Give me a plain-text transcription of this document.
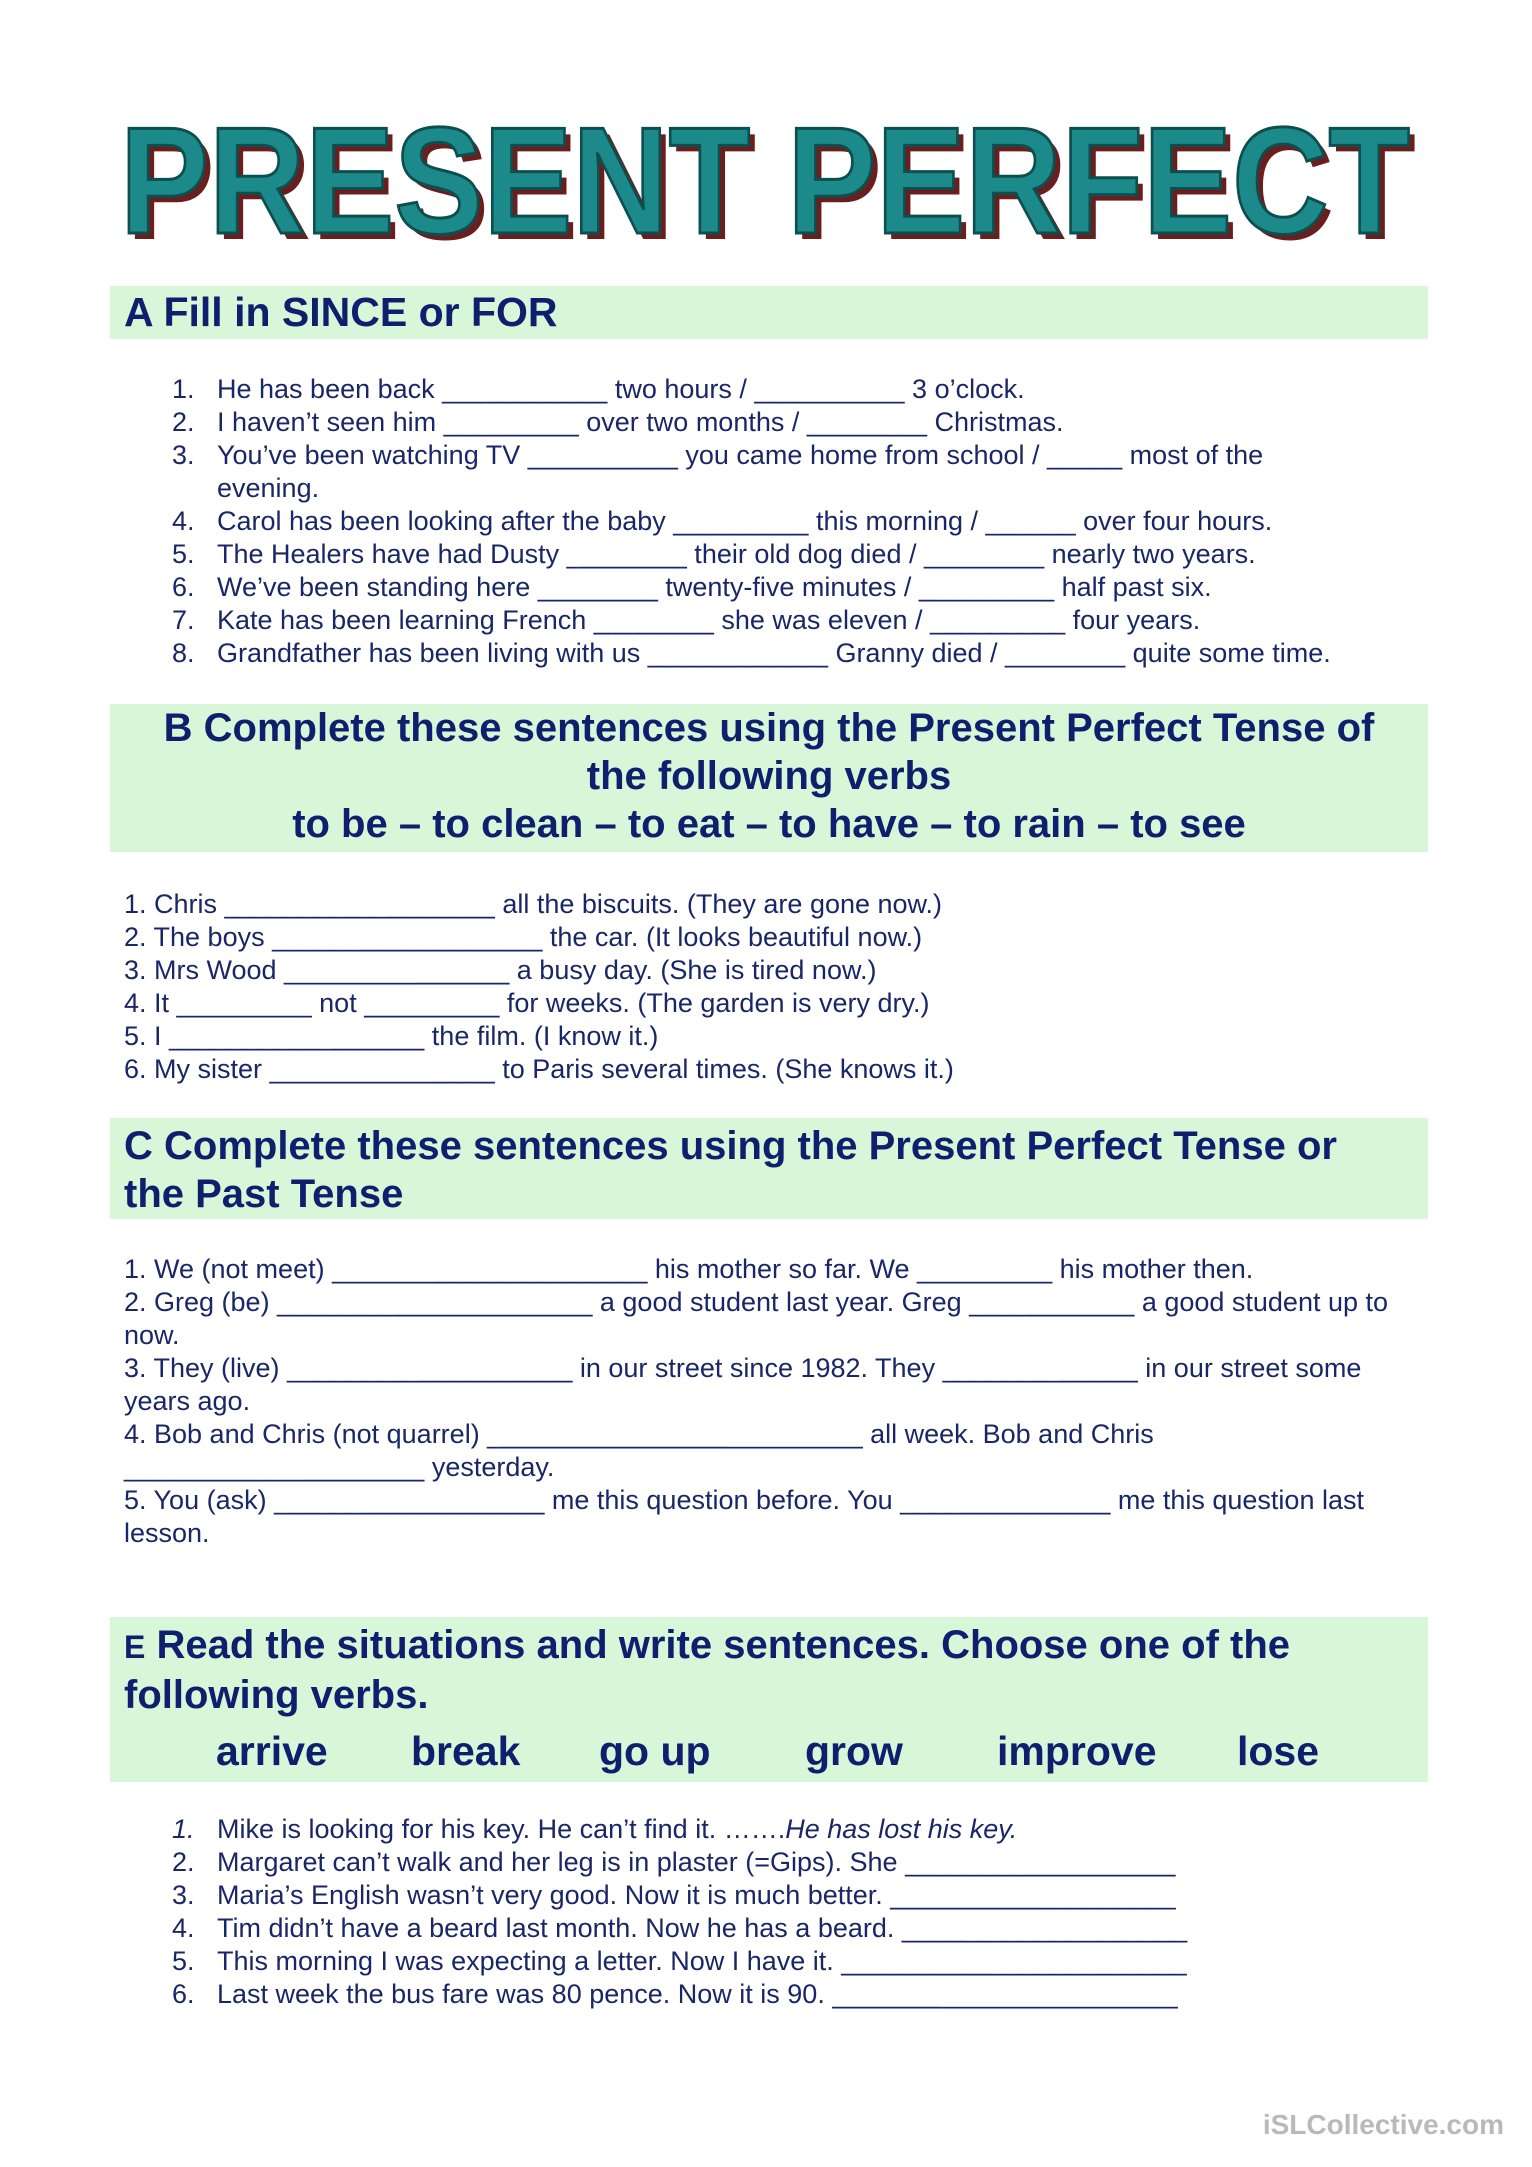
PRESENT PERFECT
PRESENT PERFECT
A Fill in SINCE or FOR
1. He has been back ___________ two hours / __________ 3 o’clock.
2. I haven’t seen him _________ over two months / ________ Christmas.
3. You’ve been watching TV __________ you came home from school / _____ most of the
evening.
4. Carol has been looking after the baby _________ this morning / ______ over four hours.
5. The Healers have had Dusty ________ their old dog died / ________ nearly two years.
6. We’ve been standing here ________ twenty-five minutes / _________ half past six.
7. Kate has been learning French ________ she was eleven / _________ four years.
8. Grandfather has been living with us ____________ Granny died / ________ quite some time.
B Complete these sentences using the Present Perfect Tense of
the following verbs
to be – to clean – to eat – to have – to rain – to see
1. Chris __________________ all the biscuits. (They are gone now.)
2. The boys __________________ the car. (It looks beautiful now.)
3. Mrs Wood _______________ a busy day. (She is tired now.)
4. It _________ not _________ for weeks. (The garden is very dry.)
5. I _________________ the film. (I know it.)
6. My sister _______________ to Paris several times. (She knows it.)
C Complete these sentences using the Present Perfect Tense or
the Past Tense
1. We (not meet) _____________________ his mother so far. We _________ his mother then.
2. Greg (be) _____________________ a good student last year. Greg ___________ a good student up to now.
3. They (live) ___________________ in our street since 1982. They _____________ in our street some years ago.
4. Bob and Chris (not quarrel) _________________________ all week. Bob and Chris ____________________ yesterday.
5. You (ask) __________________ me this question before. You ______________ me this question last lesson.
E Read the situations and write sentences. Choose one of the
following verbs.
arrive break go up grow improve lose
1. Mike is looking for his key. He can’t find it. …….He has lost his key.
2. Margaret can’t walk and her leg is in plaster (=Gips). She __________________
3. Maria’s English wasn’t very good. Now it is much better. ___________________
4. Tim didn’t have a beard last month. Now he has a beard. ___________________
5. This morning I was expecting a letter. Now I have it. _______________________
6. Last week the bus fare was 80 pence. Now it is 90. _______________________
iSLCollective.com
